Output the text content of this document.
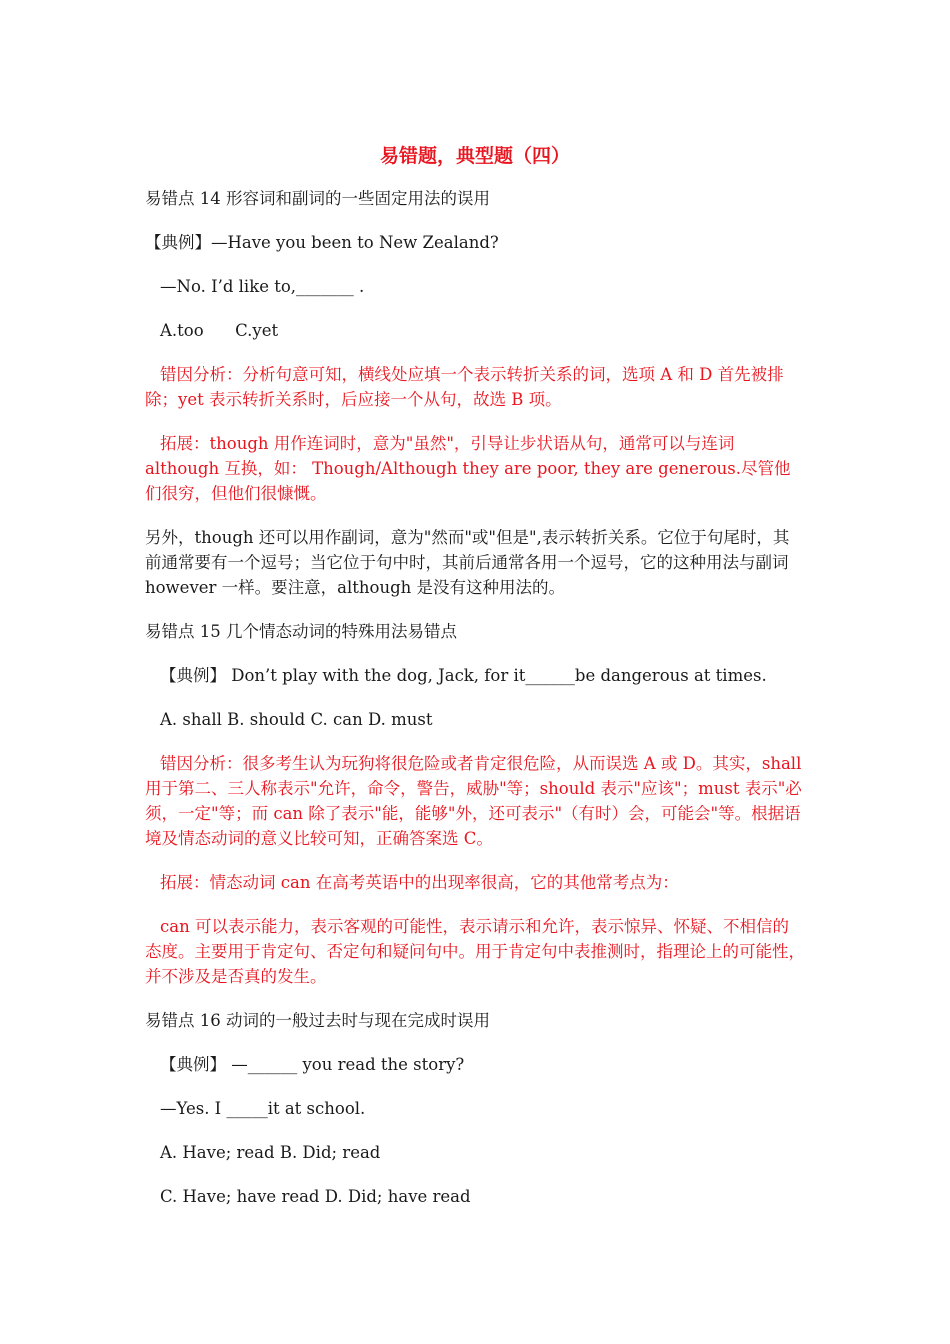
易错题，典型题（四）

易错点 14 形容词和副词的一些固定用法的误用

【典例】—Have you been to New Zealand?

—No. I’d like to,_______ .

A.too      C.yet

错因分析：分析句意可知，横线处应填一个表示转折关系的词，选项 A 和 D 首先被排除；yet 表示转折关系时，后应接一个从句，故选 B 项。

拓展：though 用作连词时，意为"虽然"，引导让步状语从句，通常可以与连词 although 互换，如： Though/Although they are poor, they are generous.尽管他们很穷，但他们很慷慨。

另外，though 还可以用作副词，意为"然而"或"但是",表示转折关系。它位于句尾时，其前通常要有一个逗号；当它位于句中时，其前后通常各用一个逗号，它的这种用法与副词 however 一样。要注意，although 是没有这种用法的。

易错点 15 几个情态动词的特殊用法易错点

【典例】 Don’t play with the dog, Jack, for it______be dangerous at times.

A. shall B. should C. can D. must

错因分析：很多考生认为玩狗将很危险或者肯定很危险，从而误选 A 或 D。其实，shall 用于第二、三人称表示"允许，命令，警告，威胁"等；should 表示"应该"；must 表示"必须，一定"等；而 can 除了表示"能，能够"外，还可表示"（有时）会，可能会"等。根据语境及情态动词的意义比较可知，正确答案选 C。

拓展：情态动词 can 在高考英语中的出现率很高，它的其他常考点为：

can 可以表示能力，表示客观的可能性，表示请示和允许，表示惊异、怀疑、不相信的态度。主要用于肯定句、否定句和疑问句中。用于肯定句中表推测时，指理论上的可能性，并不涉及是否真的发生。

易错点 16 动词的一般过去时与现在完成时误用

【典例】 —______ you read the story?

—Yes. I _____it at school.

A. Have; read B. Did; read

C. Have; have read D. Did; have read
